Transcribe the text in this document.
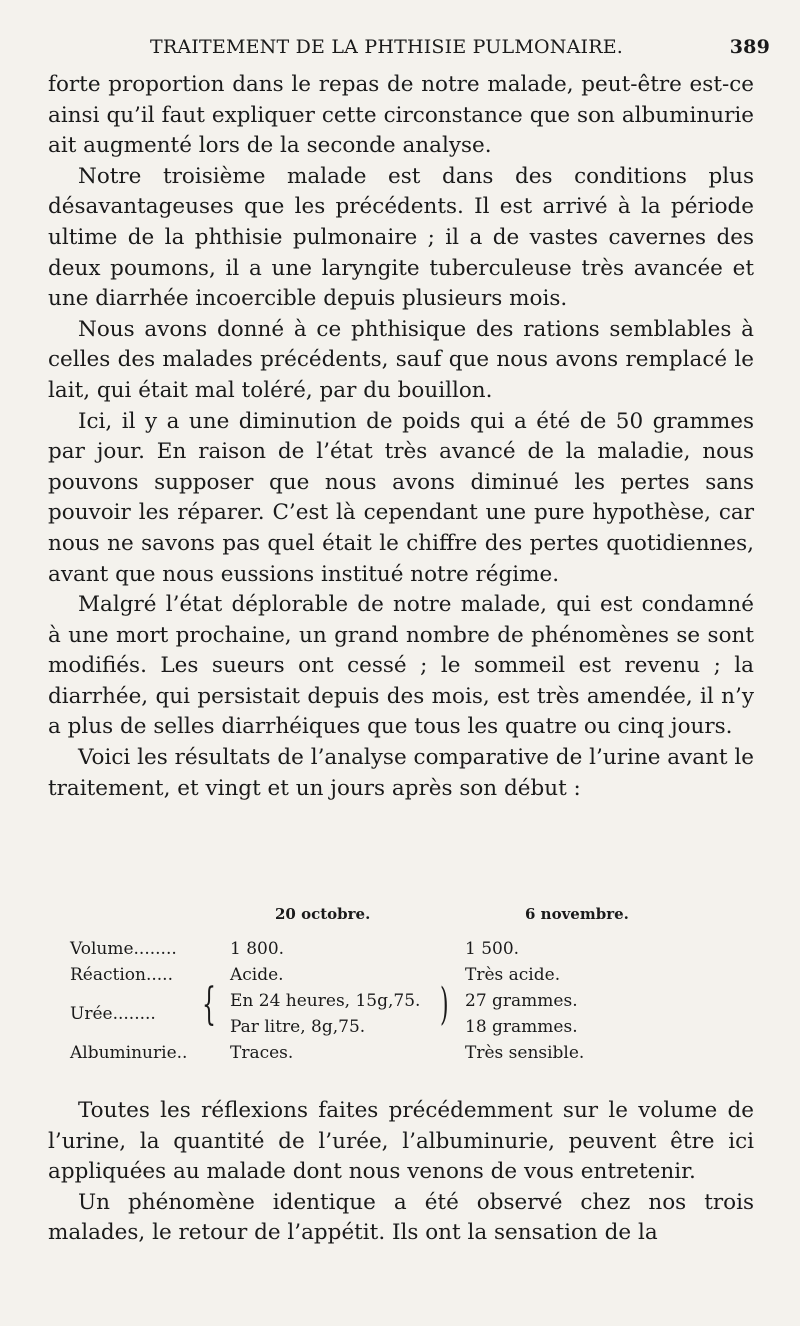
TRAITEMENT DE LA PHTHISIE PULMONAIRE.	389

forte proportion dans le repas de notre malade, peut-être est-ce ainsi qu’il faut expliquer cette circonstance que son albuminurie ait augmenté lors de la seconde analyse.

Notre troisième malade est dans des conditions plus désavantageuses que les précédents. Il est arrivé à la période ultime de la phthisie pulmonaire ; il a de vastes cavernes des deux poumons, il a une laryngite tuberculeuse très avancée et une diarrhée incoercible depuis plusieurs mois.

Nous avons donné à ce phthisique des rations semblables à celles des malades précédents, sauf que nous avons remplacé le lait, qui était mal toléré, par du bouillon.

Ici, il y a une diminution de poids qui a été de 50 grammes par jour. En raison de l’état très avancé de la maladie, nous pouvons supposer que nous avons diminué les pertes sans pouvoir les réparer. C’est là cependant une pure hypothèse, car nous ne savons pas quel était le chiffre des pertes quotidiennes, avant que nous eussions institué notre régime.

Malgré l’état déplorable de notre malade, qui est condamné à une mort prochaine, un grand nombre de phénomènes se sont modifiés. Les sueurs ont cessé ; le sommeil est revenu ; la diarrhée, qui persistait depuis des mois, est très amendée, il n’y a plus de selles diarrhéiques que tous les quatre ou cinq jours.

Voici les résultats de l’analyse comparative de l’urine avant le traitement, et vingt et un jours après son début :

20 octobre.	6 novembre.
Volume........	1 800.	1 500.
Réaction.....	Acide.	Très acide.
Urée........ { En 24 heures, 15g,75.	27 grammes.
)
Par litre, 8g,75.	18 grammes.
Albuminurie..	Traces.	Très sensible.

Toutes les réflexions faites précédemment sur le volume de l’urine, la quantité de l’urée, l’albuminurie, peuvent être ici appliquées au malade dont nous venons de vous entretenir.

Un phénomène identique a été observé chez nos trois malades, le retour de l’appétit. Ils ont la sensation de la
